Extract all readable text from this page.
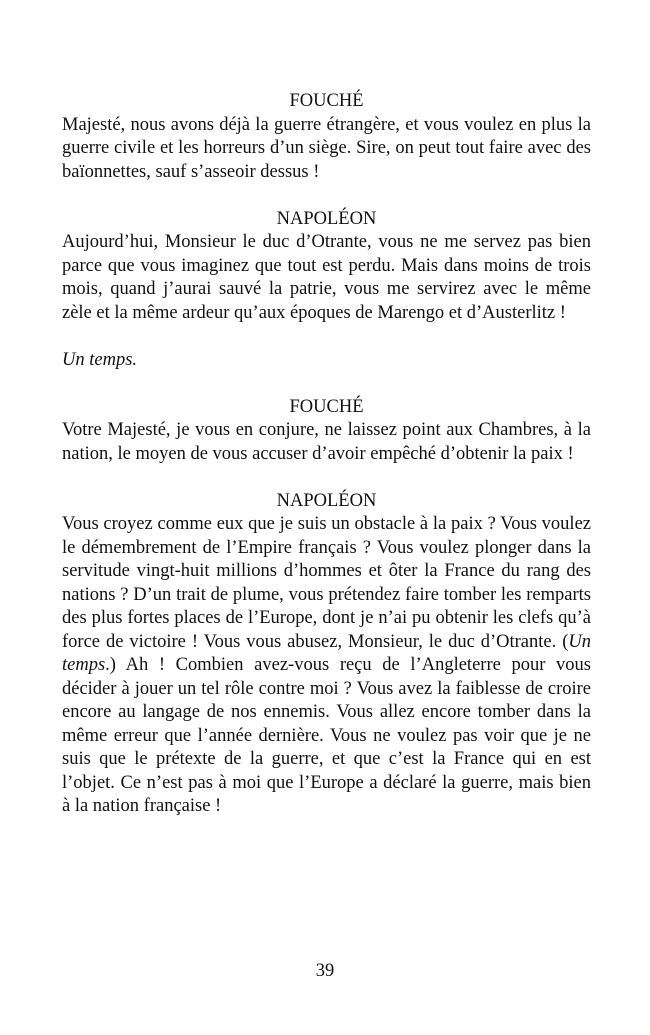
FOUCHÉ

Majesté, nous avons déjà la guerre étrangère, et vous voulez en plus la guerre civile et les horreurs d’un siège. Sire, on peut tout faire avec des baïonnettes, sauf s’asseoir dessus !

NAPOLÉON

Aujourd’hui, Monsieur le duc d’Otrante, vous ne me servez pas bien parce que vous imaginez que tout est perdu. Mais dans moins de trois mois, quand j’aurai sauvé la patrie, vous me servirez avec le même zèle et la même ardeur qu’aux époques de Marengo et d’Austerlitz !

Un temps.

FOUCHÉ

Votre Majesté, je vous en conjure, ne laissez point aux Chambres, à la nation, le moyen de vous accuser d’avoir empêché d’obtenir la paix !

NAPOLÉON

Vous croyez comme eux que je suis un obstacle à la paix ? Vous voulez le démembrement de l’Empire français ? Vous voulez plonger dans la servitude vingt-huit millions d’hommes et ôter la France du rang des nations ? D’un trait de plume, vous prétendez faire tomber les remparts des plus fortes places de l’Europe, dont je n’ai pu obtenir les clefs qu’à force de victoire ! Vous vous abusez, Monsieur, le duc d’Otrante. (Un temps.) Ah ! Combien avez-vous reçu de l’Angleterre pour vous décider à jouer un tel rôle contre moi ? Vous avez la faiblesse de croire encore au langage de nos ennemis. Vous allez encore tomber dans la même erreur que l’année dernière. Vous ne voulez pas voir que je ne suis que le prétexte de la guerre, et que c’est la France qui en est l’objet. Ce n’est pas à moi que l’Europe a déclaré la guerre, mais bien à la nation française !

39
